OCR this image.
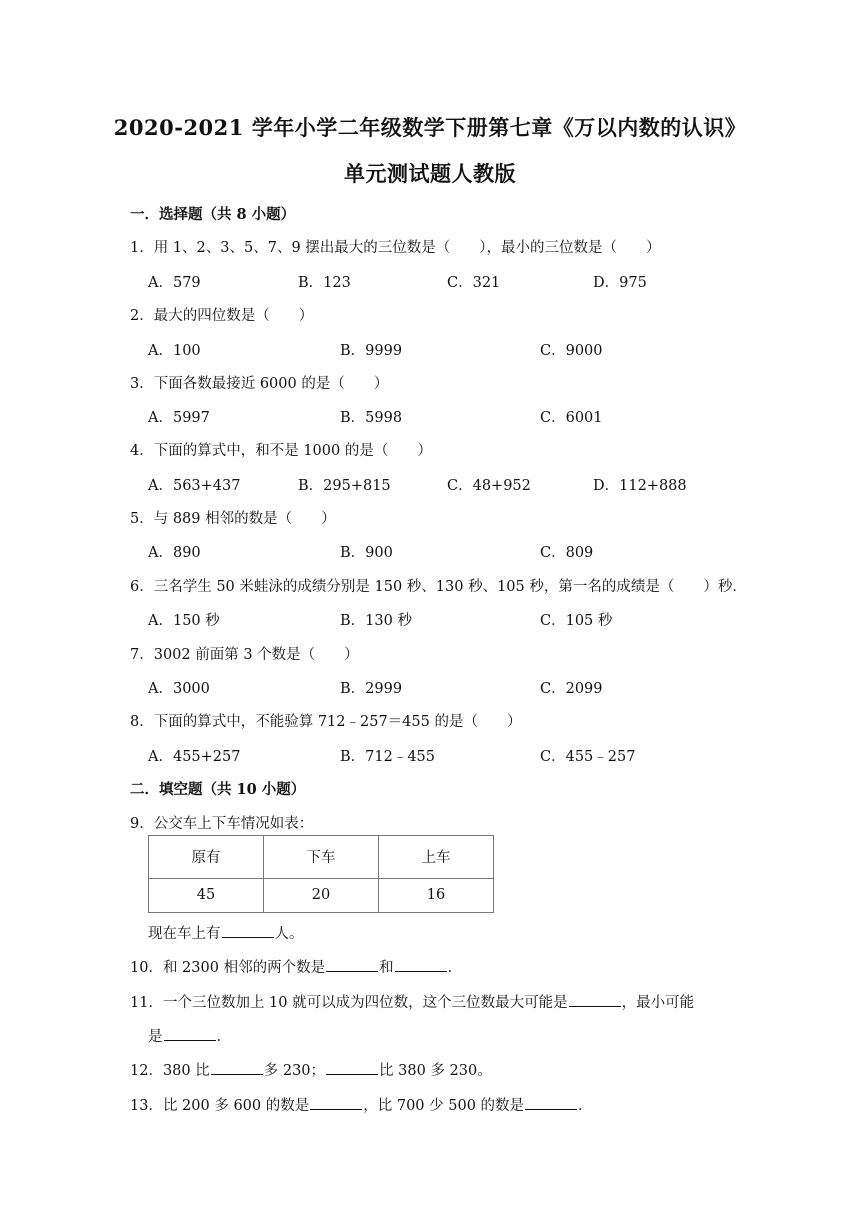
2020-2021 学年小学二年级数学下册第七章《万以内数的认识》
单元测试题人教版
一．选择题（共 8 小题）
1．用 1、2、3、5、7、9 摆出最大的三位数是（　　），最小的三位数是（　　）
A．579	B．123	C．321	D．975
2．最大的四位数是（　　）
A．100	B．9999	C．9000
3．下面各数最接近 6000 的是（　　）
A．5997	B．5998	C．6001
4．下面的算式中，和不是 1000 的是（　　）
A．563+437	B．295+815	C．48+952	D．112+888
5．与 889 相邻的数是（　　）
A．890	B．900	C．809
6．三名学生 50 米蛙泳的成绩分别是 150 秒、130 秒、105 秒，第一名的成绩是（　　）秒．
A．150 秒	B．130 秒	C．105 秒
7．3002 前面第 3 个数是（　　）
A．3000	B．2999	C．2099
8．下面的算式中，不能验算 712﹣257＝455 的是（　　）
A．455+257	B．712﹣455	C．455﹣257
二．填空题（共 10 小题）
9．公交车上下车情况如表：
原有	下车	上车
45	20	16
现在车上有	人。
10．和 2300 相邻的两个数是	和	．
11．一个三位数加上 10 就可以成为四位数，这个三位数最大可能是	，最小可能
是	．
12．380 比	多 230；	比 380 多 230。
13．比 200 多 600 的数是	，比 700 少 500 的数是	．
